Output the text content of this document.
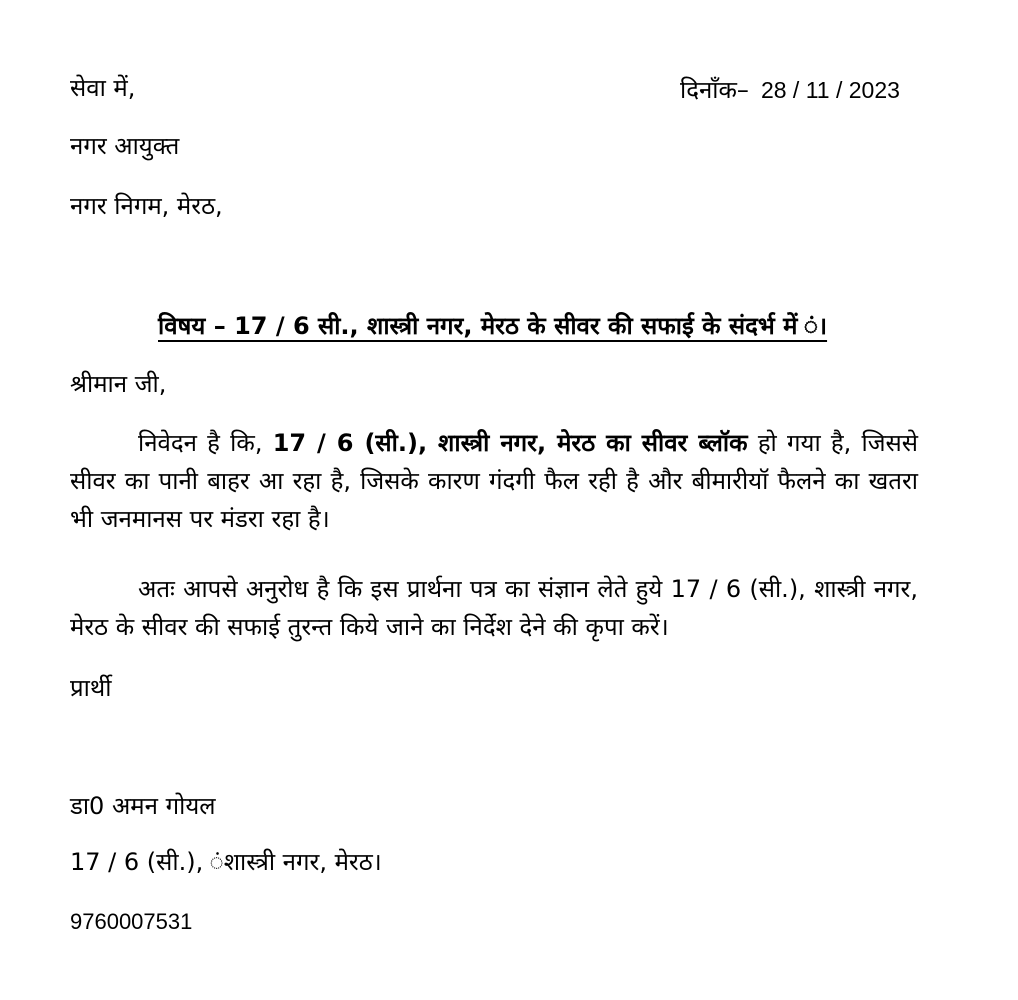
सेवा में,	दिनाँक– 28 / 11 / 2023
नगर आयुक्त
नगर निगम, मेरठ,
विषय – 17 / 6 सी., शास्त्री नगर, मेरठ के सीवर की सफाई के संदर्भ में ं।
श्रीमान जी,
निवेदन है कि, 17 / 6 (सी.), शास्त्री नगर, मेरठ का सीवर ब्लॉक हो गया है, जिससे सीवर का पानी बाहर आ रहा है, जिसके कारण गंदगी फैल रही है और बीमारीयॉ फैलने का खतरा भी जनमानस पर मंडरा रहा है।
अतः आपसे अनुरोध है कि इस प्रार्थना पत्र का संज्ञान लेते हुये 17 / 6 (सी.), शास्त्री नगर, मेरठ के सीवर की सफाई तुरन्त किये जाने का निर्देश देने की कृपा करें।
प्रार्थी
डा0 अमन गोयल
17 / 6 (सी.), ंशास्त्री नगर, मेरठ।
9760007531
